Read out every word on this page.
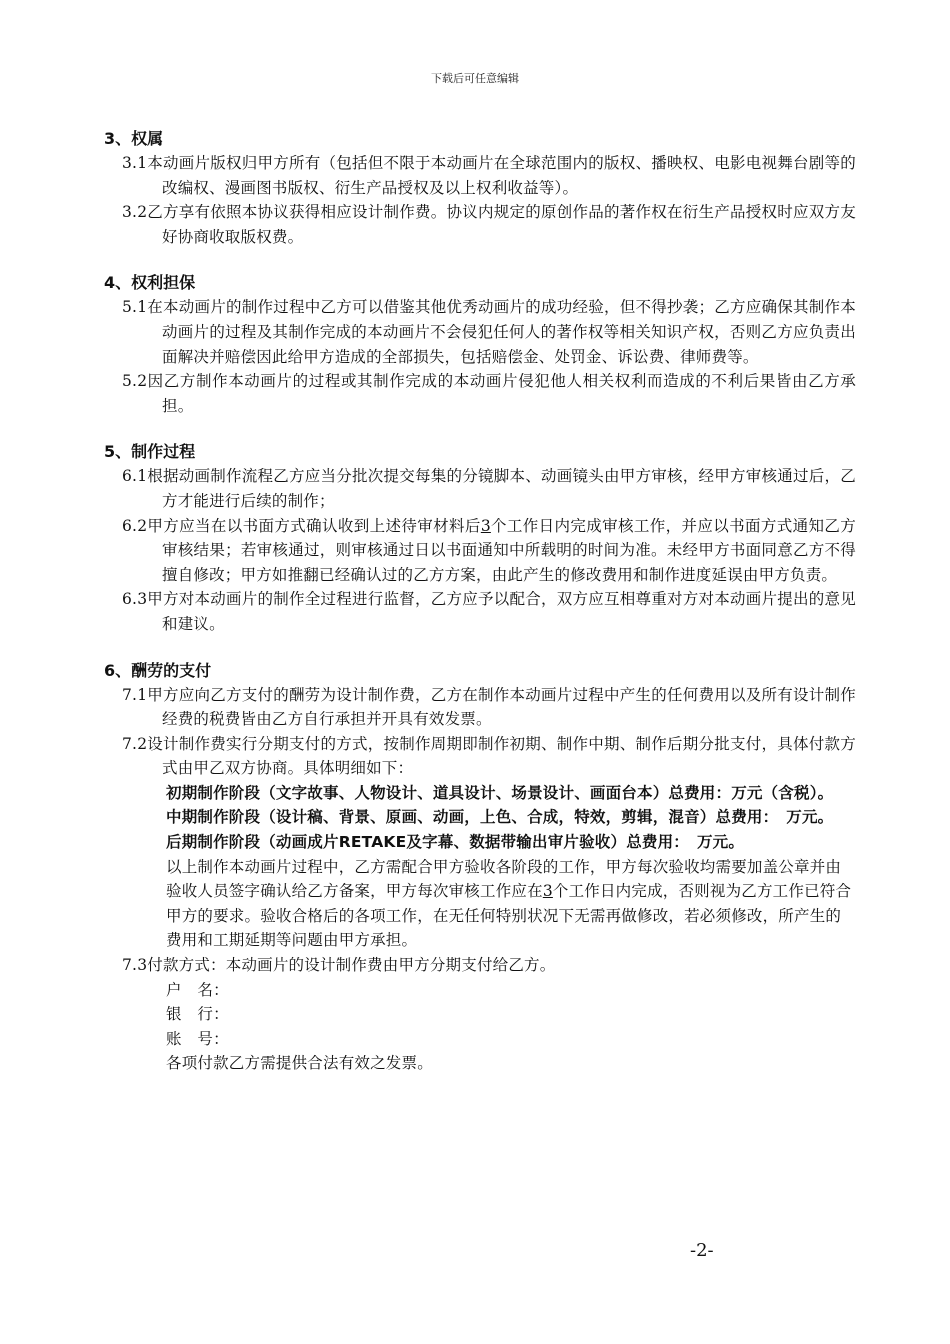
下载后可任意编辑
3、权属
3.1本动画片版权归甲方所有（包括但不限于本动画片在全球范围内的版权、播映权、电影电视舞台剧等的改编权、漫画图书版权、衍生产品授权及以上权利收益等）。
3.2乙方享有依照本协议获得相应设计制作费。协议内规定的原创作品的著作权在衍生产品授权时应双方友好协商收取版权费。
4、权利担保
5.1在本动画片的制作过程中乙方可以借鉴其他优秀动画片的成功经验，但不得抄袭；乙方应确保其制作本动画片的过程及其制作完成的本动画片不会侵犯任何人的著作权等相关知识产权，否则乙方应负责出面解决并赔偿因此给甲方造成的全部损失，包括赔偿金、处罚金、诉讼费、律师费等。
5.2因乙方制作本动画片的过程或其制作完成的本动画片侵犯他人相关权利而造成的不利后果皆由乙方承担。
5、制作过程
6.1根据动画制作流程乙方应当分批次提交每集的分镜脚本、动画镜头由甲方审核，经甲方审核通过后，乙方才能进行后续的制作；
6.2甲方应当在以书面方式确认收到上述待审材料后3个工作日内完成审核工作，并应以书面方式通知乙方审核结果；若审核通过，则审核通过日以书面通知中所载明的时间为准。未经甲方书面同意乙方不得擅自修改；甲方如推翻已经确认过的乙方方案，由此产生的修改费用和制作进度延误由甲方负责。
6.3甲方对本动画片的制作全过程进行监督，乙方应予以配合，双方应互相尊重对方对本动画片提出的意见和建议。
6、酬劳的支付
7.1甲方应向乙方支付的酬劳为设计制作费，乙方在制作本动画片过程中产生的任何费用以及所有设计制作经费的税费皆由乙方自行承担并开具有效发票。
7.2设计制作费实行分期支付的方式，按制作周期即制作初期、制作中期、制作后期分批支付，具体付款方式由甲乙双方协商。具体明细如下：
初期制作阶段（文字故事、人物设计、道具设计、场景设计、画面台本）总费用：万元（含税）。
中期制作阶段（设计稿、背景、原画、动画，上色、合成，特效，剪辑，混音）总费用：　万元。
后期制作阶段（动画成片RETAKE及字幕、数据带输出审片验收）总费用：　万元。
以上制作本动画片过程中，乙方需配合甲方验收各阶段的工作，甲方每次验收均需要加盖公章并由验收人员签字确认给乙方备案，甲方每次审核工作应在3个工作日内完成，否则视为乙方工作已符合甲方的要求。验收合格后的各项工作，在无任何特别状况下无需再做修改，若必须修改，所产生的费用和工期延期等问题由甲方承担。
7.3付款方式：本动画片的设计制作费由甲方分期支付给乙方。
户　名：
银　行：
账　号：
各项付款乙方需提供合法有效之发票。
-2-
